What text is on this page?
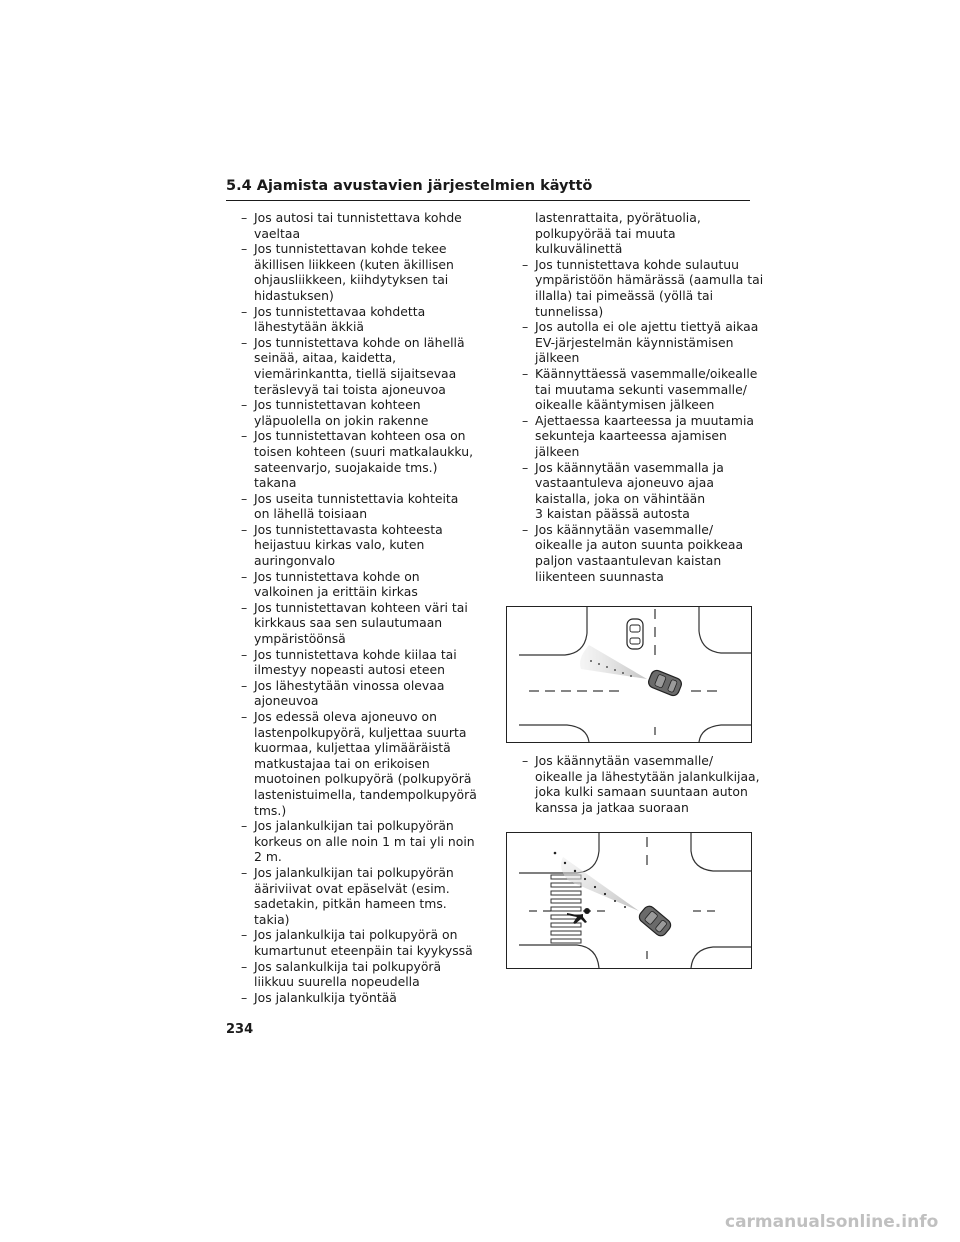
5.4 Ajamista avustavien järjestelmien käyttö
– Jos autosi tai tunnistettava kohde
vaeltaa
– Jos tunnistettavan kohde tekee
äkillisen liikkeen (kuten äkillisen
ohjausliikkeen, kiihdytyksen tai
hidastuksen)
– Jos tunnistettavaa kohdetta
lähestytään äkkiä
– Jos tunnistettava kohde on lähellä
seinää, aitaa, kaidetta,
viemärinkantta, tiellä sijaitsevaa
teräslevyä tai toista ajoneuvoa
– Jos tunnistettavan kohteen
yläpuolella on jokin rakenne
– Jos tunnistettavan kohteen osa on
toisen kohteen (suuri matkalaukku,
sateenvarjo, suojakaide tms.)
takana
– Jos useita tunnistettavia kohteita
on lähellä toisiaan
– Jos tunnistettavasta kohteesta
heijastuu kirkas valo, kuten
auringonvalo
– Jos tunnistettava kohde on
valkoinen ja erittäin kirkas
– Jos tunnistettavan kohteen väri tai
kirkkaus saa sen sulautumaan
ympäristöönsä
– Jos tunnistettava kohde kiilaa tai
ilmestyy nopeasti autosi eteen
– Jos lähestytään vinossa olevaa
ajoneuvoa
– Jos edessä oleva ajoneuvo on
lastenpolkupyörä, kuljettaa suurta
kuormaa, kuljettaa ylimääräistä
matkustajaa tai on erikoisen
muotoinen polkupyörä (polkupyörä
lastenistuimella, tandempolkupyörä
tms.)
– Jos jalankulkijan tai polkupyörän
korkeus on alle noin 1 m tai yli noin
2 m.
– Jos jalankulkijan tai polkupyörän
ääriviivat ovat epäselvät (esim.
sadetakin, pitkän hameen tms.
takia)
– Jos jalankulkija tai polkupyörä on
kumartunut eteenpäin tai kyykyssä
– Jos salankulkija tai polkupyörä
liikkuu suurella nopeudella
– Jos jalankulkija työntää
lastenrattaita, pyörätuolia,
polkupyörää tai muuta
kulkuvälinettä
– Jos tunnistettava kohde sulautuu
ympäristöön hämärässä (aamulla tai
illalla) tai pimeässä (yöllä tai
tunnelissa)
– Jos autolla ei ole ajettu tiettyä aikaa
EV-järjestelmän käynnistämisen
jälkeen
– Käännyttäessä vasemmalle/oikealle
tai muutama sekunti vasemmalle/
oikealle kääntymisen jälkeen
– Ajettaessa kaarteessa ja muutamia
sekunteja kaarteessa ajamisen
jälkeen
– Jos käännytään vasemmalla ja
vastaantuleva ajoneuvo ajaa
kaistalla, joka on vähintään
3 kaistan päässä autosta
– Jos käännytään vasemmalle/
oikealle ja auton suunta poikkeaa
paljon vastaantulevan kaistan
liikenteen suunnasta
– Jos käännytään vasemmalle/
oikealle ja lähestytään jalankulkijaa,
joka kulki samaan suuntaan auton
kanssa ja jatkaa suoraan
234
carmanualsonline.info
